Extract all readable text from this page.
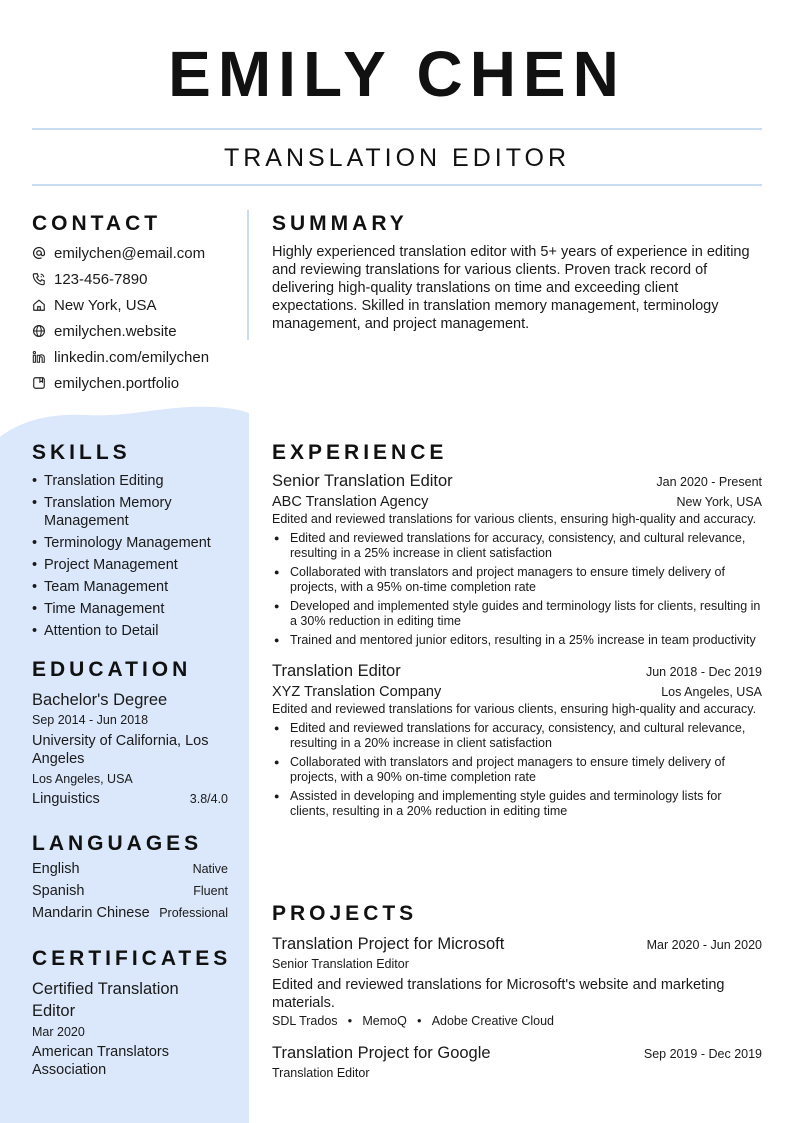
EMILY CHEN
TRANSLATION EDITOR
CONTACT
emilychen@email.com
123-456-7890
New York, USA
emilychen.website
linkedin.com/emilychen
emilychen.portfolio
SUMMARY
Highly experienced translation editor with 5+ years of experience in editing and reviewing translations for various clients. Proven track record of delivering high-quality translations on time and exceeding client expectations. Skilled in translation memory management, terminology management, and project management.
SKILLS
• Translation Editing
• Translation Memory Management
• Terminology Management
• Project Management
• Team Management
• Time Management
• Attention to Detail
EDUCATION
Bachelor's Degree
Sep 2014 - Jun 2018
University of California, Los Angeles
Los Angeles, USA
Linguistics	3.8/4.0
LANGUAGES
English	Native
Spanish	Fluent
Mandarin Chinese Professional
CERTIFICATES
Certified Translation Editor
Mar 2020
American Translators Association
EXPERIENCE
Senior Translation Editor	Jan 2020 - Present
ABC Translation Agency	New York, USA
Edited and reviewed translations for various clients, ensuring high-quality and accuracy.
● Edited and reviewed translations for accuracy, consistency, and cultural relevance, resulting in a 25% increase in client satisfaction
● Collaborated with translators and project managers to ensure timely delivery of projects, with a 95% on-time completion rate
● Developed and implemented style guides and terminology lists for clients, resulting in a 30% reduction in editing time
● Trained and mentored junior editors, resulting in a 25% increase in team productivity
Translation Editor	Jun 2018 - Dec 2019
XYZ Translation Company	Los Angeles, USA
Edited and reviewed translations for various clients, ensuring high-quality and accuracy.
● Edited and reviewed translations for accuracy, consistency, and cultural relevance, resulting in a 20% increase in client satisfaction
● Collaborated with translators and project managers to ensure timely delivery of projects, with a 90% on-time completion rate
● Assisted in developing and implementing style guides and terminology lists for clients, resulting in a 20% reduction in editing time
PROJECTS
Translation Project for Microsoft	Mar 2020 - Jun 2020
Senior Translation Editor
Edited and reviewed translations for Microsoft's website and marketing materials.
SDL Trados ● MemoQ ● Adobe Creative Cloud
Translation Project for Google	Sep 2019 - Dec 2019
Translation Editor
